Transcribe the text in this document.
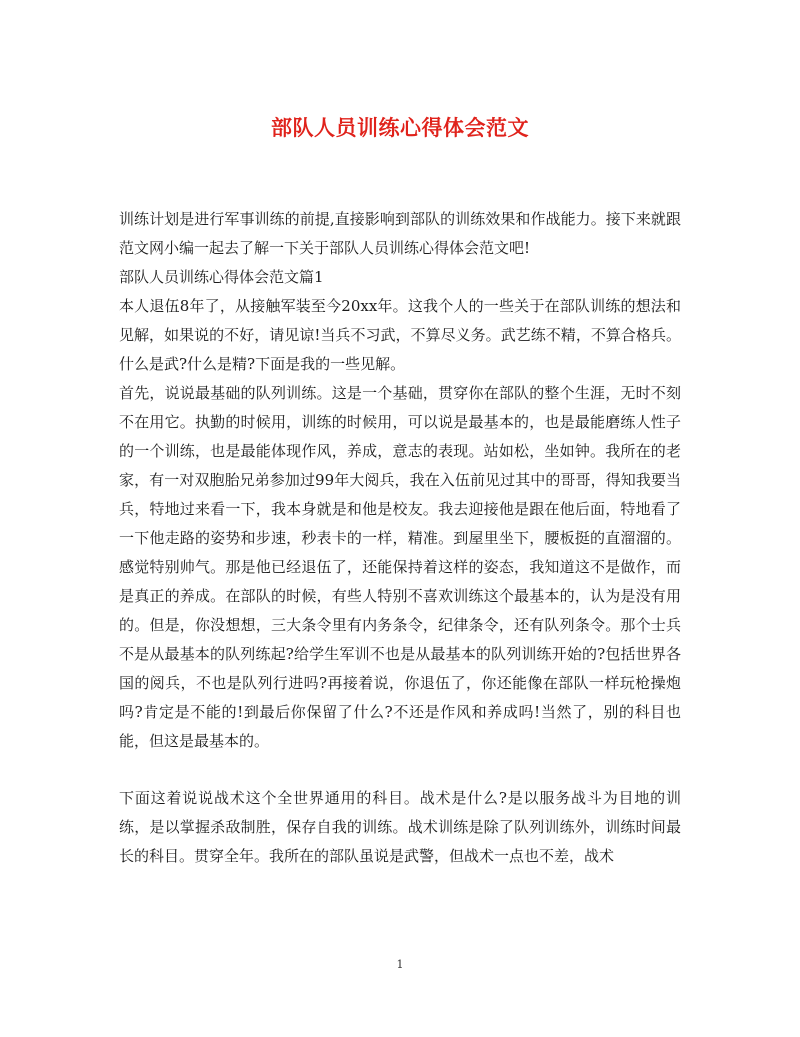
部队人员训练心得体会范文

训练计划是进行军事训练的前提,直接影响到部队的训练效果和作战能力。接下来就跟范文网小编一起去了解一下关于部队人员训练心得体会范文吧!

部队人员训练心得体会范文篇1

本人退伍8年了，从接触军装至今20xx年。这我个人的一些关于在部队训练的想法和见解，如果说的不好，请见谅!当兵不习武，不算尽义务。武艺练不精，不算合格兵。什么是武?什么是精?下面是我的一些见解。

首先，说说最基础的队列训练。这是一个基础，贯穿你在部队的整个生涯，无时不刻不在用它。执勤的时候用，训练的时候用，可以说是最基本的，也是最能磨练人性子的一个训练，也是最能体现作风，养成，意志的表现。站如松，坐如钟。我所在的老家，有一对双胞胎兄弟参加过99年大阅兵，我在入伍前见过其中的哥哥，得知我要当兵，特地过来看一下，我本身就是和他是校友。我去迎接他是跟在他后面，特地看了一下他走路的姿势和步速，秒表卡的一样，精准。到屋里坐下，腰板挺的直溜溜的。感觉特别帅气。那是他已经退伍了，还能保持着这样的姿态，我知道这不是做作，而是真正的养成。在部队的时候，有些人特别不喜欢训练这个最基本的，认为是没有用的。但是，你没想想，三大条令里有内务条令，纪律条令，还有队列条令。那个士兵不是从最基本的队列练起?给学生军训不也是从最基本的队列训练开始的?包括世界各国的阅兵，不也是队列行进吗?再接着说，你退伍了，你还能像在部队一样玩枪操炮吗?肯定是不能的!到最后你保留了什么?不还是作风和养成吗!当然了，别的科目也能，但这是最基本的。

下面这着说说战术这个全世界通用的科目。战术是什么?是以服务战斗为目地的训练，是以掌握杀敌制胜，保存自我的训练。战术训练是除了队列训练外，训练时间最长的科目。贯穿全年。我所在的部队虽说是武警，但战术一点也不差，战术

1
